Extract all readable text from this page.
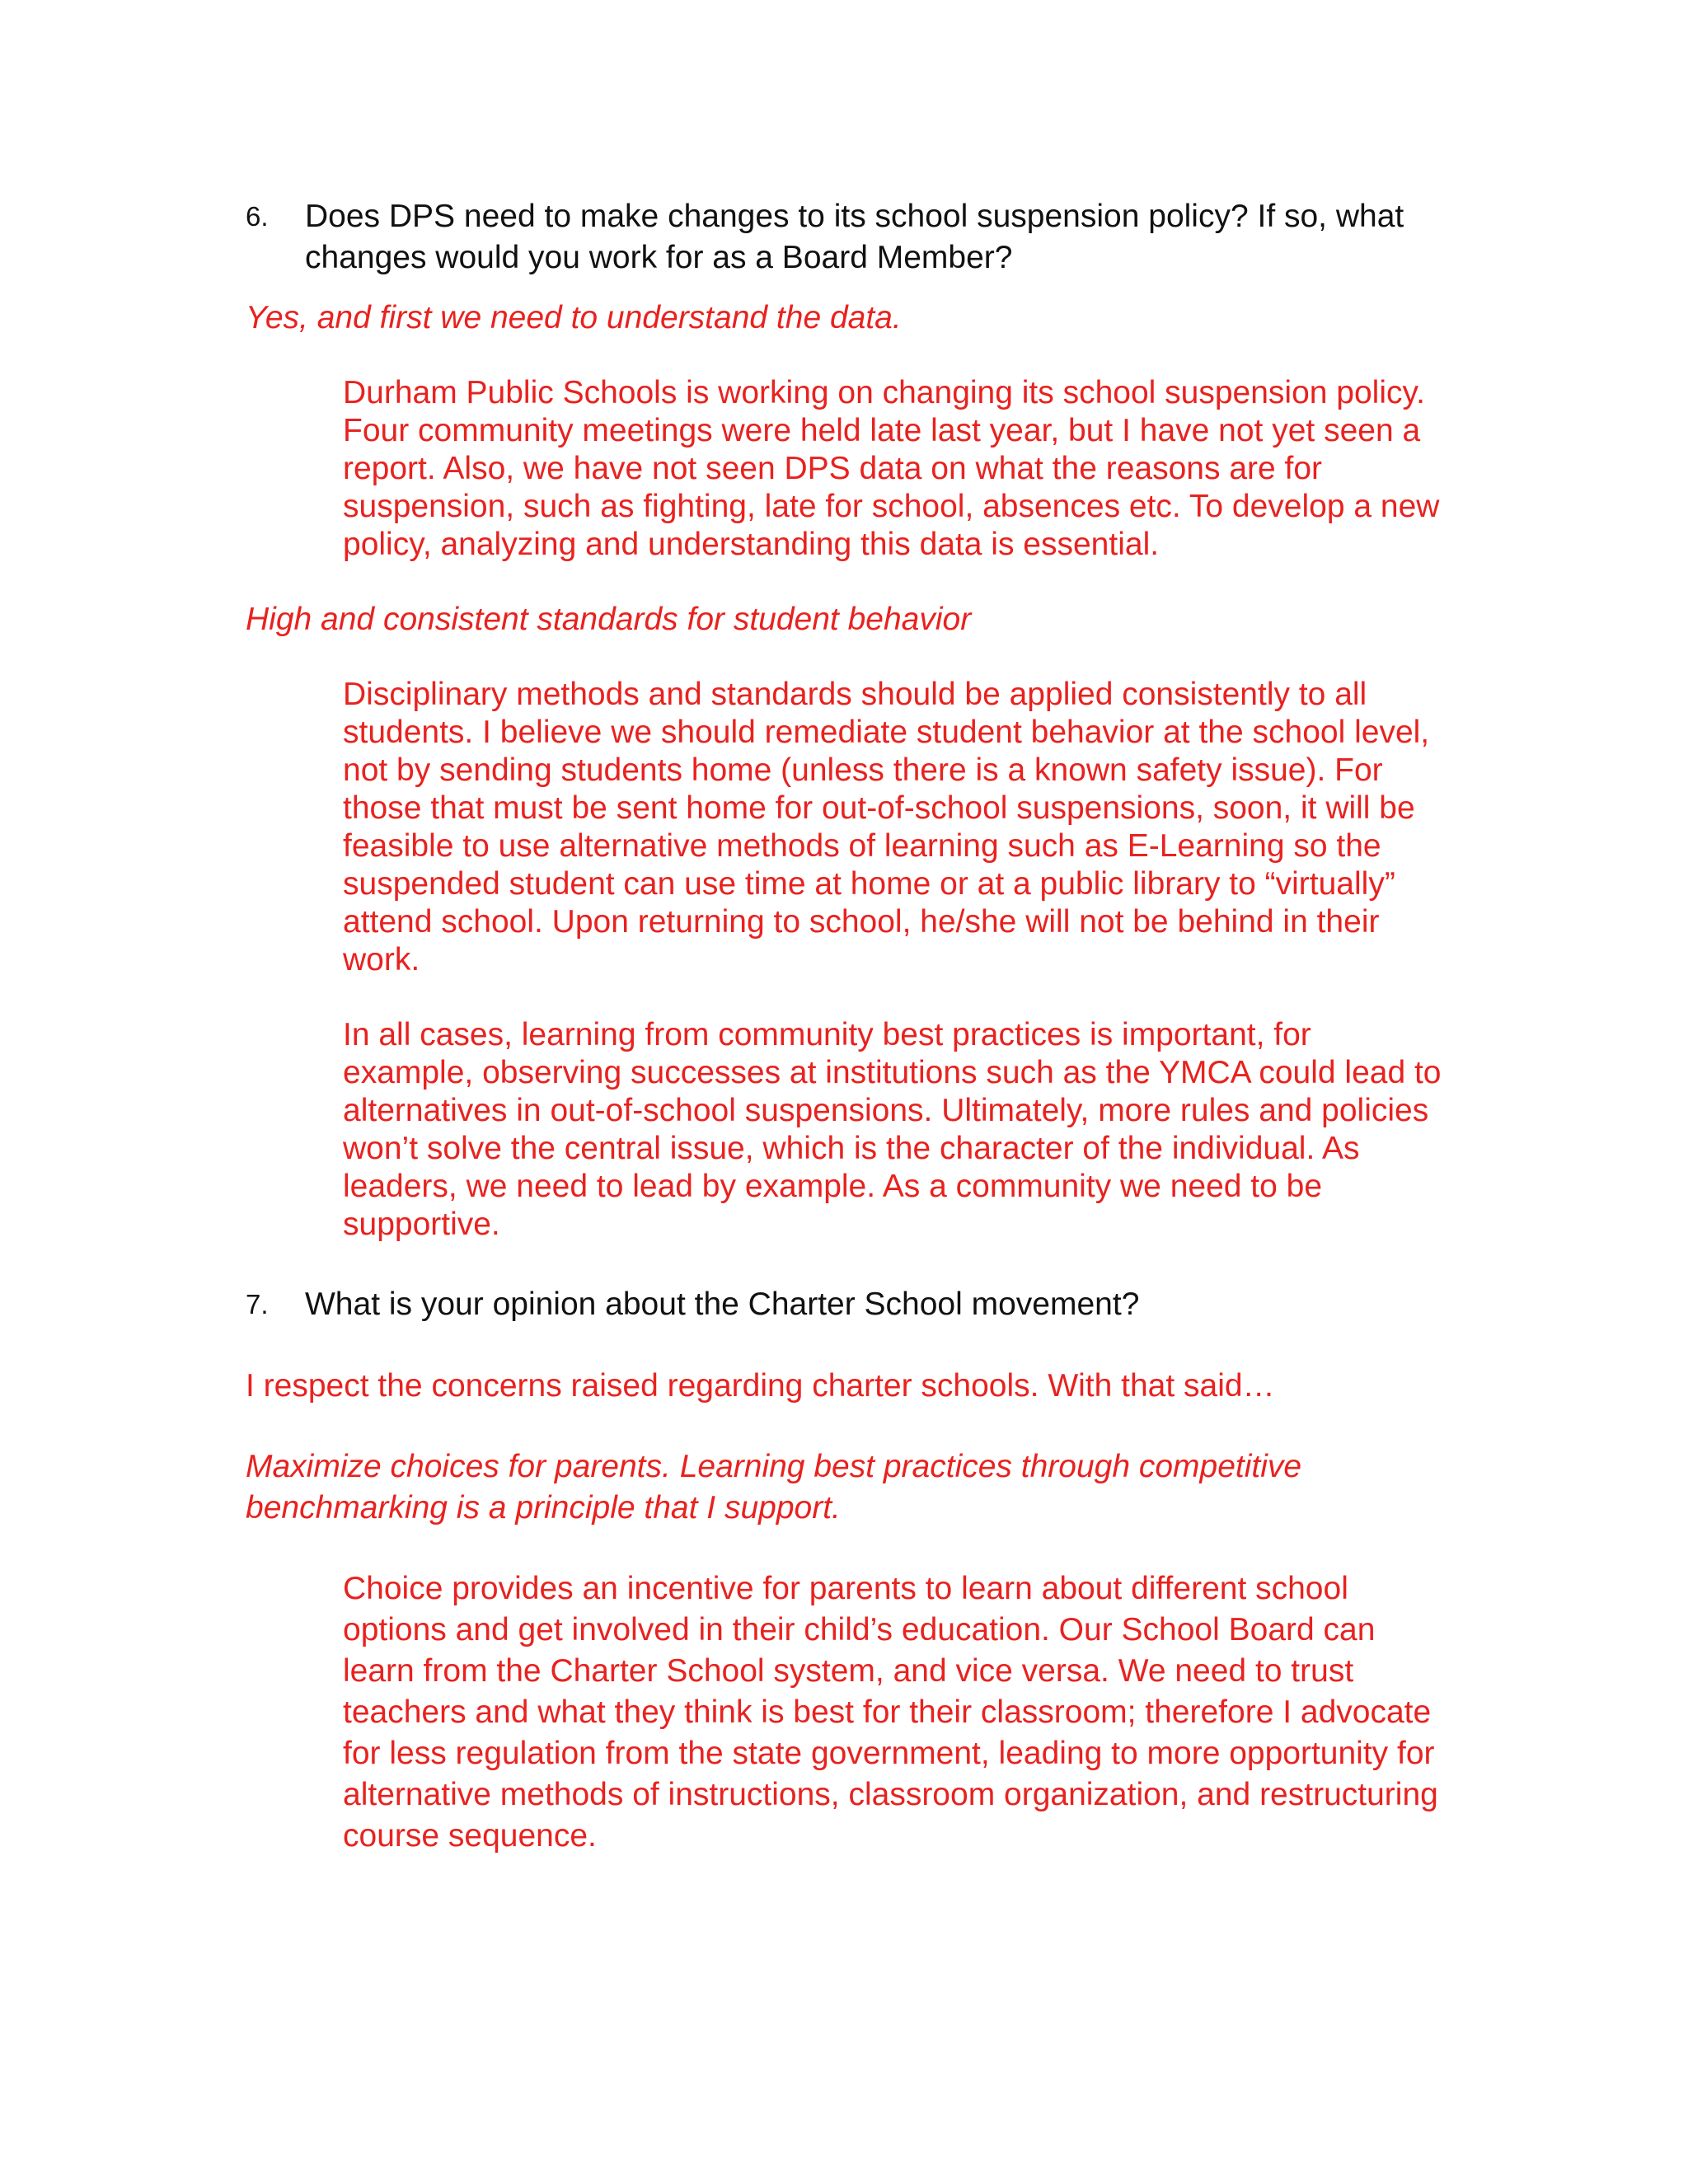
6.	Does DPS need to make changes to its school suspension policy? If so, what changes would you work for as a Board Member?
Yes, and first we need to understand the data.
Durham Public Schools is working on changing its school suspension policy. Four community meetings were held late last year, but I have not yet seen a report. Also, we have not seen DPS data on what the reasons are for suspension, such as fighting, late for school, absences etc. To develop a new policy, analyzing and understanding this data is essential.
High and consistent standards for student behavior
Disciplinary methods and standards should be applied consistently to all students. I believe we should remediate student behavior at the school level, not by sending students home (unless there is a known safety issue). For those that must be sent home for out-of-school suspensions, soon, it will be feasible to use alternative methods of learning such as E-Learning so the suspended student can use time at home or at a public library to “virtually” attend school. Upon returning to school, he/she will not be behind in their work.
In all cases, learning from community best practices is important, for example, observing successes at institutions such as the YMCA could lead to alternatives in out-of-school suspensions. Ultimately, more rules and policies won’t solve the central issue, which is the character of the individual. As leaders, we need to lead by example. As a community we need to be supportive.
7.	What is your opinion about the Charter School movement?
I respect the concerns raised regarding charter schools. With that said…
Maximize choices for parents. Learning best practices through competitive benchmarking is a principle that I support.
Choice provides an incentive for parents to learn about different school options and get involved in their child’s education. Our School Board can learn from the Charter School system, and vice versa. We need to trust teachers and what they think is best for their classroom; therefore I advocate for less regulation from the state government, leading to more opportunity for alternative methods of instructions, classroom organization, and restructuring course sequence.
